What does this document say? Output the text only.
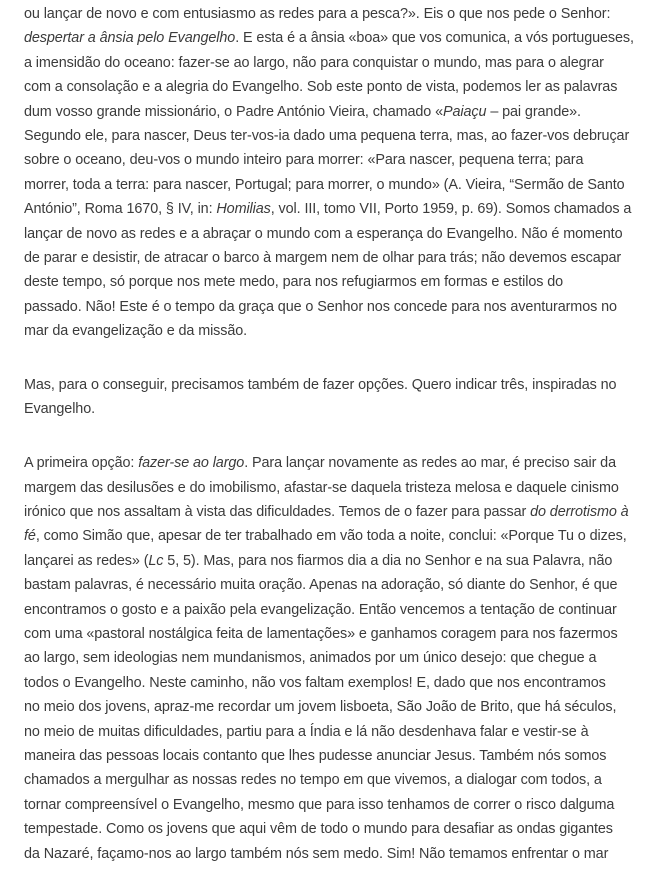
ou lançar de novo e com entusiasmo as redes para a pesca?». Eis o que nos pede o Senhor:
despertar a ânsia pelo Evangelho. E esta é a ânsia «boa» que vos comunica, a vós portugueses,
a imensidão do oceano: fazer-se ao largo, não para conquistar o mundo, mas para o alegrar
com a consolação e a alegria do Evangelho. Sob este ponto de vista, podemos ler as palavras
dum vosso grande missionário, o Padre António Vieira, chamado «Paiaçu – pai grande».
Segundo ele, para nascer, Deus ter-vos-ia dado uma pequena terra, mas, ao fazer-vos debruçar
sobre o oceano, deu-vos o mundo inteiro para morrer: «Para nascer, pequena terra; para
morrer, toda a terra: para nascer, Portugal; para morrer, o mundo» (A. Vieira, “Sermão de Santo
António”, Roma 1670, § IV, in: Homilias, vol. III, tomo VII, Porto 1959, p. 69). Somos chamados a
lançar de novo as redes e a abraçar o mundo com a esperança do Evangelho. Não é momento
de parar e desistir, de atracar o barco à margem nem de olhar para trás; não devemos escapar
deste tempo, só porque nos mete medo, para nos refugiarmos em formas e estilos do
passado. Não! Este é o tempo da graça que o Senhor nos concede para nos aventurarmos no
mar da evangelização e da missão.
Mas, para o conseguir, precisamos também de fazer opções. Quero indicar três, inspiradas no
Evangelho.
A primeira opção: fazer-se ao largo. Para lançar novamente as redes ao mar, é preciso sair da
margem das desilusões e do imobilismo, afastar-se daquela tristeza melosa e daquele cinismo
irónico que nos assaltam à vista das dificuldades. Temos de o fazer para passar do derrotismo à
fé, como Simão que, apesar de ter trabalhado em vão toda a noite, conclui: «Porque Tu o dizes,
lançarei as redes» (Lc 5, 5). Mas, para nos fiarmos dia a dia no Senhor e na sua Palavra, não
bastam palavras, é necessário muita oração. Apenas na adoração, só diante do Senhor, é que
encontramos o gosto e a paixão pela evangelização. Então vencemos a tentação de continuar
com uma «pastoral nostálgica feita de lamentações» e ganhamos coragem para nos fazermos
ao largo, sem ideologias nem mundanismos, animados por um único desejo: que chegue a
todos o Evangelho. Neste caminho, não vos faltam exemplos! E, dado que nos encontramos
no meio dos jovens, apraz-me recordar um jovem lisboeta, São João de Brito, que há séculos,
no meio de muitas dificuldades, partiu para a Índia e lá não desdenhava falar e vestir-se à
maneira das pessoas locais contanto que lhes pudesse anunciar Jesus. Também nós somos
chamados a mergulhar as nossas redes no tempo em que vivemos, a dialogar com todos, a
tornar compreensível o Evangelho, mesmo que para isso tenhamos de correr o risco dalguma
tempestade. Como os jovens que aqui vêm de todo o mundo para desafiar as ondas gigantes
da Nazaré, façamo-nos ao largo também nós sem medo. Sim! Não temamos enfrentar o mar
